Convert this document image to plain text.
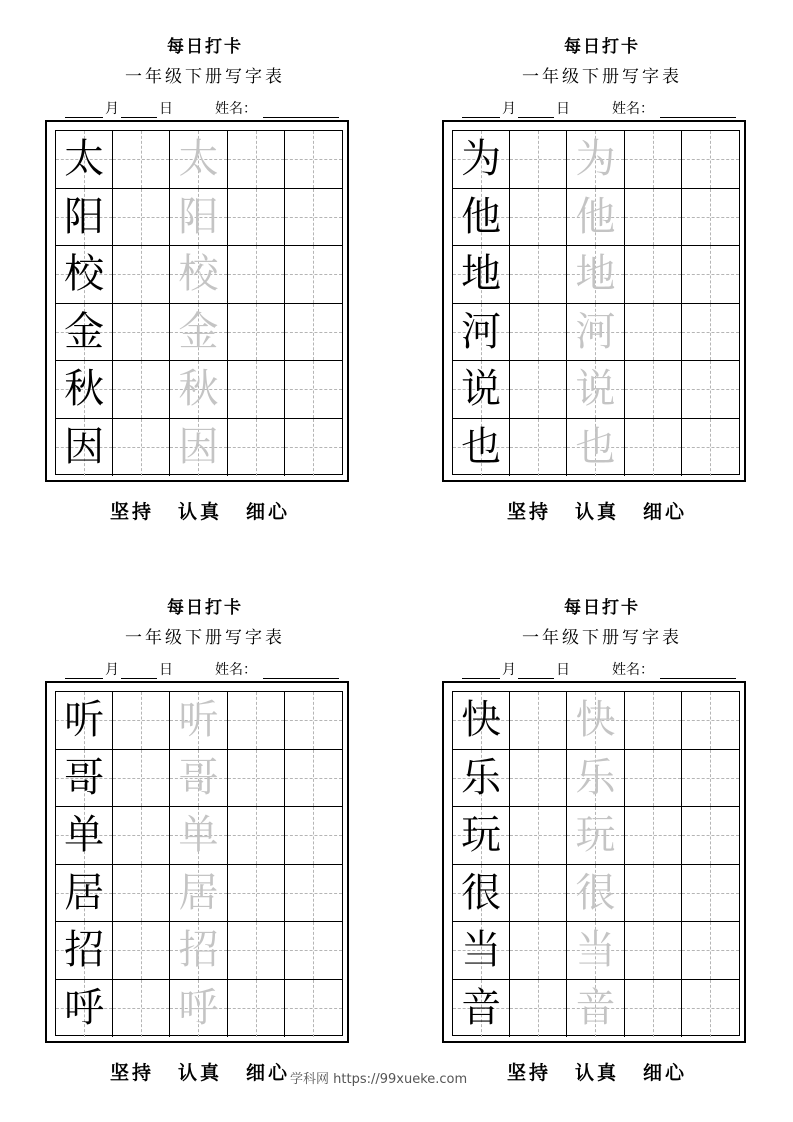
每日打卡
一年级下册写字表
月	日	姓名：
太 太
阳 阳
校 校
金 金
秋 秋
因 因
坚持 认真 细心
每日打卡
一年级下册写字表
月	日	姓名：
为 为
他 他
地 地
河 河
说 说
也 也
坚持 认真 细心
每日打卡
一年级下册写字表
月	日	姓名：
听 听
哥 哥
单 单
居 居
招 招
呼 呼
坚持 认真 细心
每日打卡
一年级下册写字表
月	日	姓名：
快 快
乐 乐
玩 玩
很 很
当 当
音 音
坚持 认真 细心
学科网 https://99xueke.com
